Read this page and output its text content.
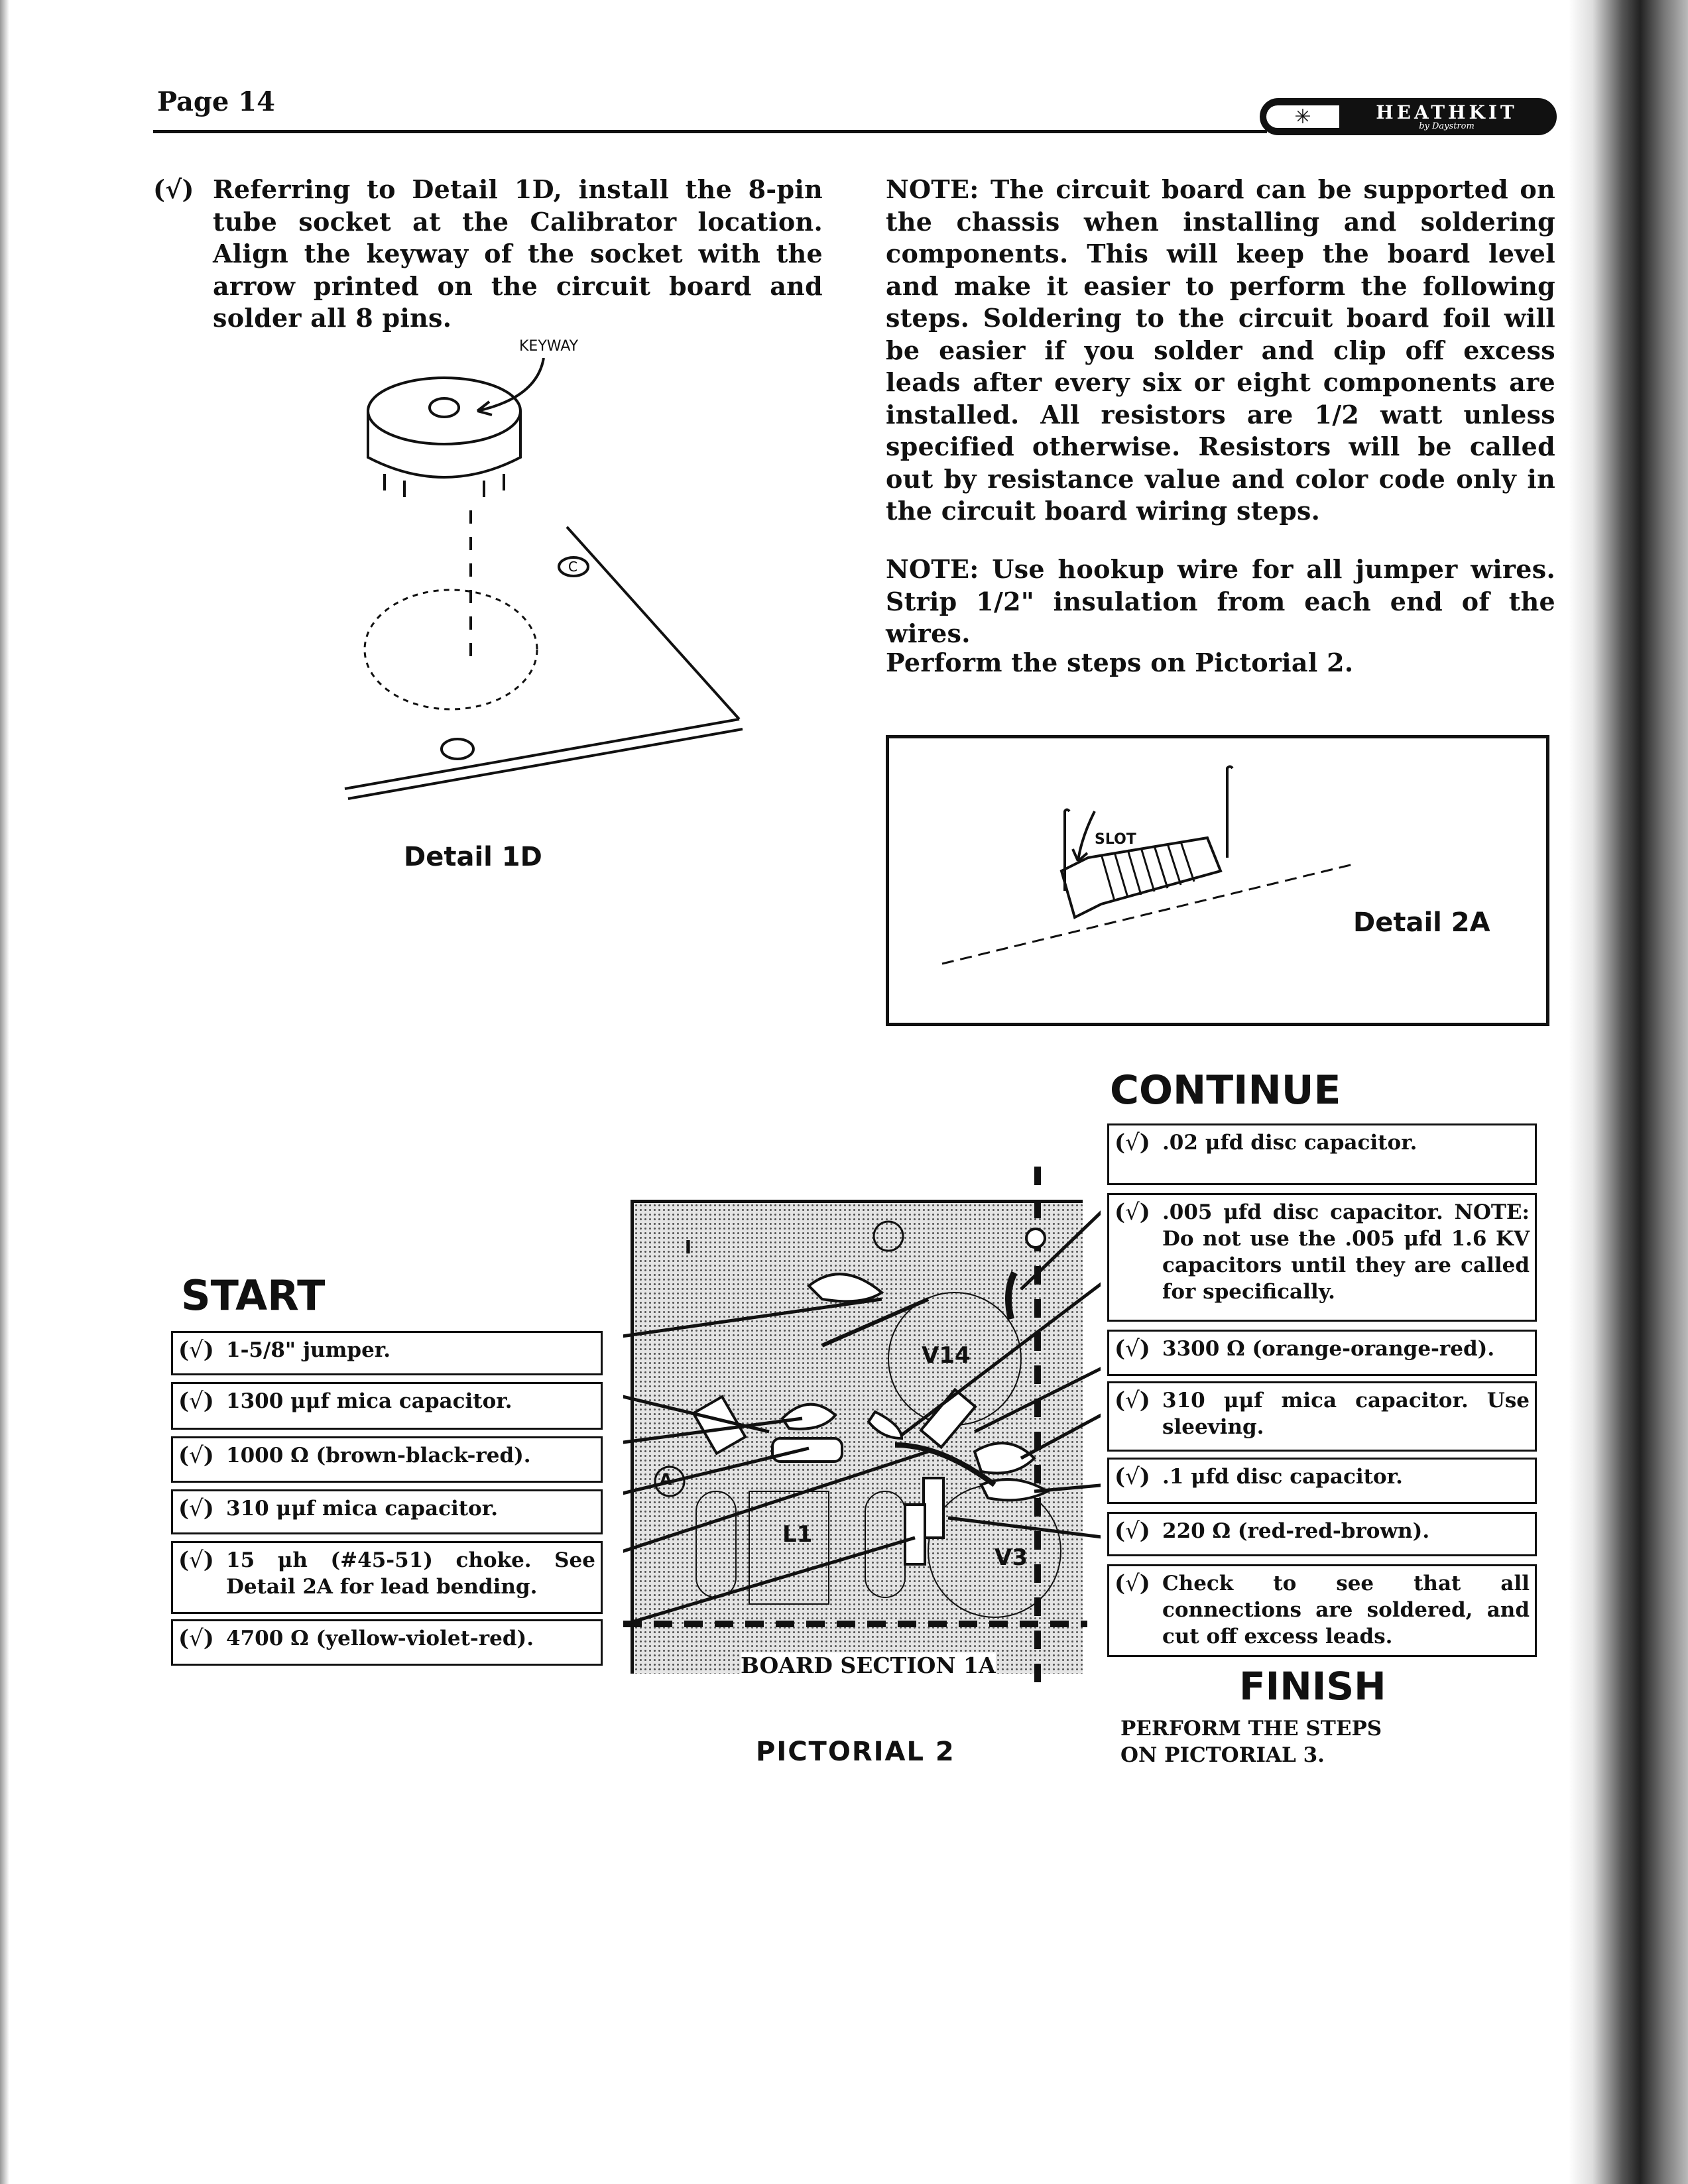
Page 14	✳	HEATHKIT
by Daystrom
(√) Referring to Detail 1D, install the 8-pin tube socket at the Calibrator location. Align the keyway of the socket with the arrow printed on the circuit board and solder all 8 pins.
KEYWAY
C
Detail 1D
NOTE: The circuit board can be supported on the chassis when installing and soldering components. This will keep the board level and make it easier to perform the following steps. Soldering to the circuit board foil will be easier if you solder and clip off excess leads after every six or eight components are installed. All resistors are 1/2 watt unless specified otherwise. Resistors will be called out by resistance value and color code only in the circuit board wiring steps.
NOTE: Use hookup wire for all jumper wires. Strip 1/2" insulation from each end of the wires.
Perform the steps on Pictorial 2.
SLOT
Detail 2A
CONTINUE
START
I
A
V14
L1
V3
BOARD SECTION 1A
PICTORIAL 2
(√) 1-5/8" jumper.
(√) 1300 μμf mica capacitor.
(√) 1000 Ω (brown-black-red).
(√) 310 μμf mica capacitor.
(√) 15 μh (#45-51) choke. See Detail 2A for lead bending.
(√) 4700 Ω (yellow-violet-red).
(√) .02 μfd disc capacitor.
(√) .005 μfd disc capacitor. NOTE: Do not use the .005 μfd 1.6 KV capacitors until they are called for specifically.
(√) 3300 Ω (orange-orange-red).
(√) 310 μμf mica capacitor. Use sleeving.
(√) .1 μfd disc capacitor.
(√) 220 Ω (red-red-brown).
(√) Check to see that all connections are soldered, and cut off excess leads.
FINISH
PERFORM THE STEPS ON PICTORIAL 3.
